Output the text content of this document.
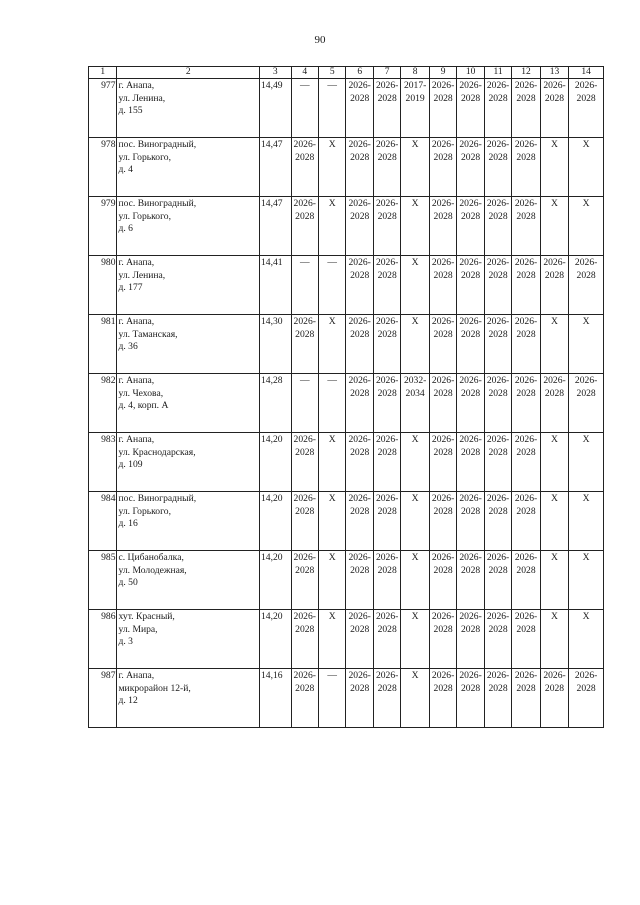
90
1	2	3	4	5	6	7	8	9	10	11	12	13	14
977	г. Анапа,
ул. Ленина,
д. 155	14,49	—	—	2026-2028	2026-2028	2017-2019	2026-2028	2026-2028	2026-2028	2026-2028	2026-2028	2026-2028
978	пос. Виноградный,
ул. Горького,
д. 4	14,47	2026-2028	Х	2026-2028	2026-2028	Х	2026-2028	2026-2028	2026-2028	2026-2028	Х	Х
979	пос. Виноградный,
ул. Горького,
д. 6	14,47	2026-2028	Х	2026-2028	2026-2028	Х	2026-2028	2026-2028	2026-2028	2026-2028	Х	Х
980	г. Анапа,
ул. Ленина,
д. 177	14,41	—	—	2026-2028	2026-2028	Х	2026-2028	2026-2028	2026-2028	2026-2028	2026-2028	2026-2028
981	г. Анапа,
ул. Таманская,
д. 36	14,30	2026-2028	Х	2026-2028	2026-2028	Х	2026-2028	2026-2028	2026-2028	2026-2028	Х	Х
982	г. Анапа,
ул. Чехова,
д. 4, корп. А	14,28	—	—	2026-2028	2026-2028	2032-2034	2026-2028	2026-2028	2026-2028	2026-2028	2026-2028	2026-2028
983	г. Анапа,
ул. Краснодарская,
д. 109	14,20	2026-2028	Х	2026-2028	2026-2028	Х	2026-2028	2026-2028	2026-2028	2026-2028	Х	Х
984	пос. Виноградный,
ул. Горького,
д. 16	14,20	2026-2028	Х	2026-2028	2026-2028	Х	2026-2028	2026-2028	2026-2028	2026-2028	Х	Х
985	с. Цибанобалка,
ул. Молодежная,
д. 50	14,20	2026-2028	Х	2026-2028	2026-2028	Х	2026-2028	2026-2028	2026-2028	2026-2028	Х	Х
986	хут. Красный,
ул. Мира,
д. 3	14,20	2026-2028	Х	2026-2028	2026-2028	Х	2026-2028	2026-2028	2026-2028	2026-2028	Х	Х
987	г. Анапа,
микрорайон 12-й,
д. 12	14,16	2026-2028	—	2026-2028	2026-2028	Х	2026-2028	2026-2028	2026-2028	2026-2028	2026-2028	2026-2028
